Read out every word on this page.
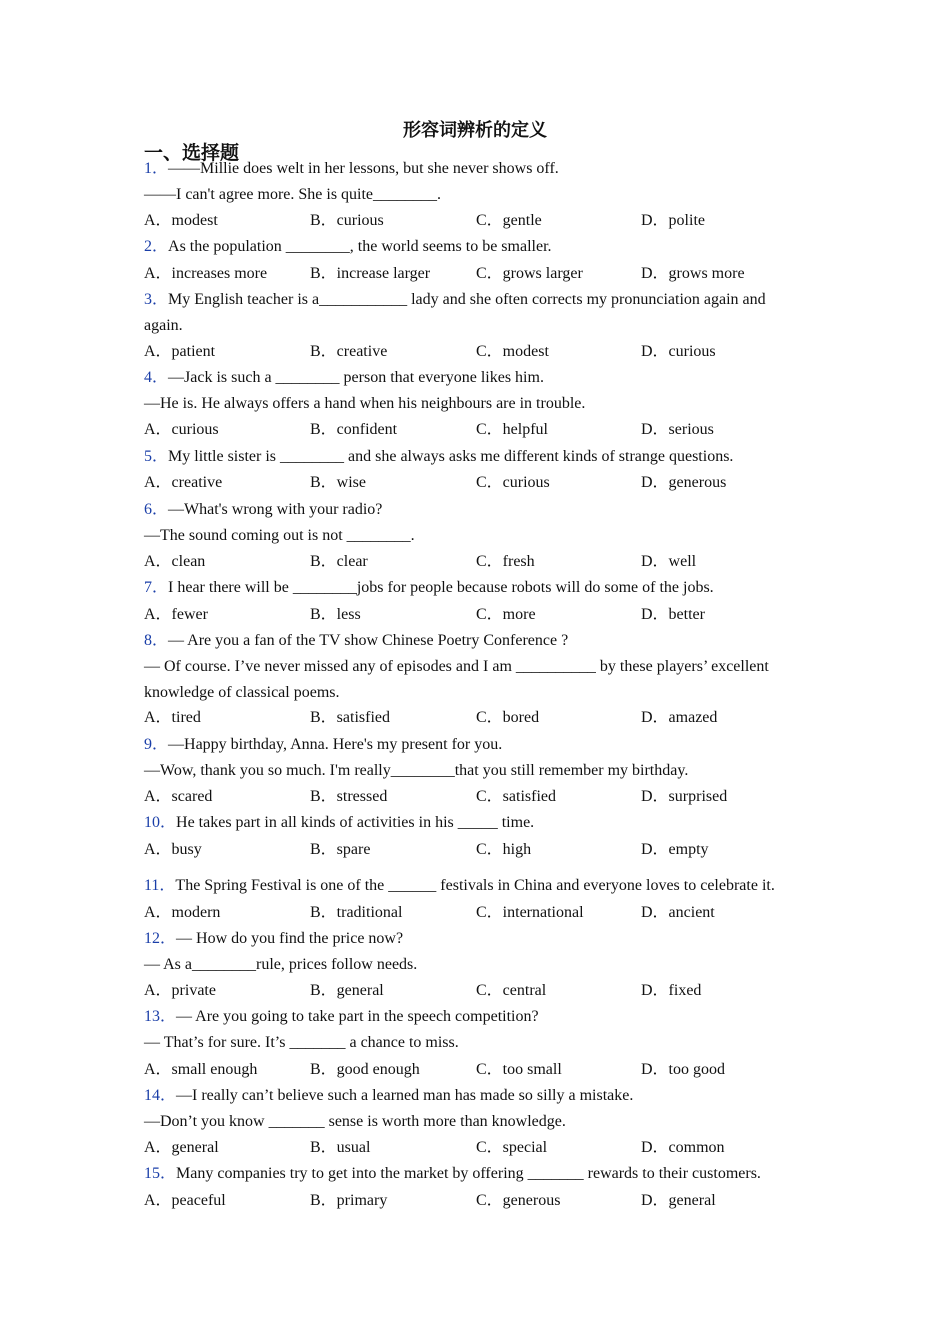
形容词辨析的定义
一、选择题
1．——Millie does welt in her lessons, but she never shows off.
——I can't agree more. She is quite________.
A．modest	B．curious	C．gentle	D．polite
2．As the population ________, the world seems to be smaller.
A．increases more	B．increase larger	C．grows larger	D．grows more
3．My English teacher is a___________ lady and she often corrects my pronunciation again and
again.
A．patient	B．creative	C．modest	D．curious
4．—Jack is such a ________ person that everyone likes him.
—He is. He always offers a hand when his neighbours are in trouble.
A．curious	B．confident	C．helpful	D．serious
5．My little sister is ________ and she always asks me different kinds of strange questions.
A．creative	B．wise	C．curious	D．generous
6．—What's wrong with your radio?
—The sound coming out is not ________.
A．clean	B．clear	C．fresh	D．well
7．I hear there will be ________jobs for people because robots will do some of the jobs.
A．fewer	B．less	C．more	D．better
8．— Are you a fan of the TV show Chinese Poetry Conference ?
— Of course. I’ve never missed any of episodes and I am __________ by these players’ excellent
knowledge of classical poems.
A．tired	B．satisfied	C．bored	D．amazed
9．—Happy birthday, Anna. Here's my present for you.
—Wow, thank you so much. I'm really________that you still remember my birthday.
A．scared	B．stressed	C．satisfied	D．surprised
10．He takes part in all kinds of activities in his _____ time.
A．busy	B．spare	C．high	D．empty
11．The Spring Festival is one of the ______ festivals in China and everyone loves to celebrate it.
A．modern	B．traditional	C．international	D．ancient
12．— How do you find the price now?
— As a________rule, prices follow needs.
A．private	B．general	C．central	D．fixed
13．— Are you going to take part in the speech competition?
— That’s for sure. It’s _______ a chance to miss.
A．small enough	B．good enough	C．too small	D．too good
14．—I really can’t believe such a learned man has made so silly a mistake.
—Don’t you know _______ sense is worth more than knowledge.
A．general	B．usual	C．special	D．common
15．Many companies try to get into the market by offering _______ rewards to their customers.
A．peaceful	B．primary	C．generous	D．general
